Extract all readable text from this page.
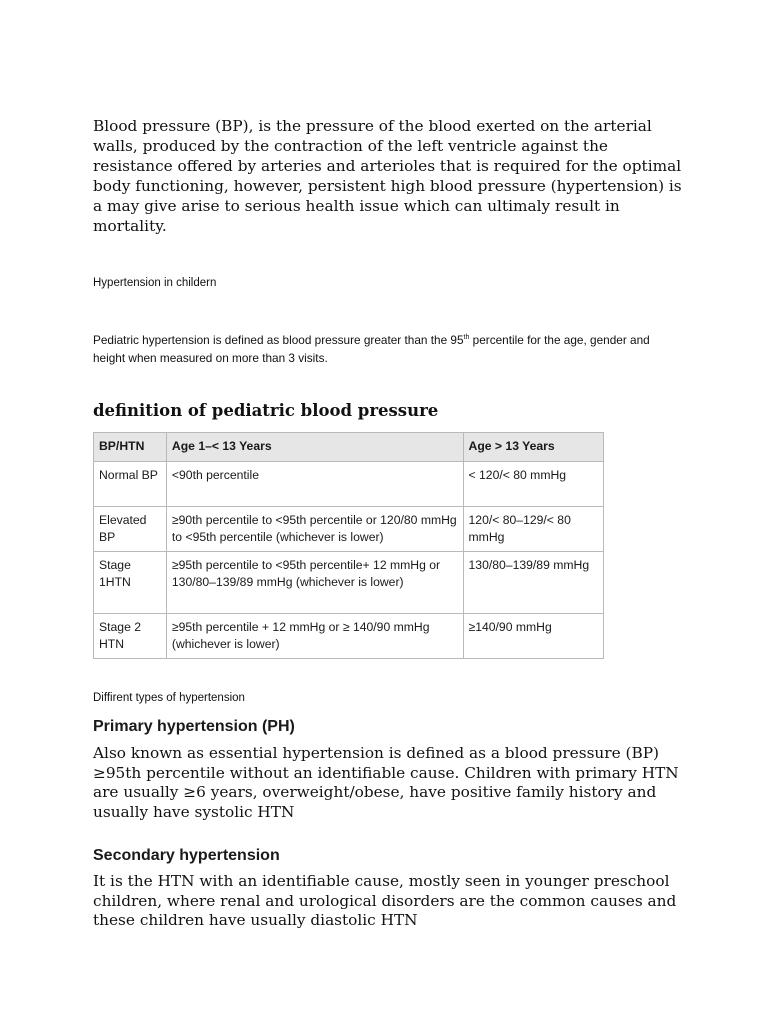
Blood pressure (BP), is the pressure of the blood exerted on the arterial walls, produced by the contraction of the left ventricle against the resistance offered by arteries and arterioles that is required for the optimal body functioning, however, persistent high blood pressure (hypertension) is a may give arise to serious health issue which can ultimaly result in mortality.

Hypertension in childern

Pediatric hypertension is defined as blood pressure greater than the 95th percentile for the age, gender and height when measured on more than 3 visits.

definition of pediatric blood pressure
BP/HTN	Age 1–< 13 Years	Age > 13 Years
Normal BP	<90th percentile	< 120/< 80 mmHg
Elevated BP	≥90th percentile to <95th percentile or 120/80 mmHg to <95th percentile (whichever is lower)	120/< 80–129/< 80 mmHg
Stage 1HTN	≥95th percentile to <95th percentile+ 12 mmHg or 130/80–139/89 mmHg (whichever is lower)	130/80–139/89 mmHg
Stage 2 HTN	≥95th percentile + 12 mmHg or ≥ 140/90 mmHg (whichever is lower)	≥140/90 mmHg

Diffirent types of hypertension

Primary hypertension (PH)

Also known as essential hypertension is defined as a blood pressure (BP) ≥95th percentile without an identifiable cause. Children with primary HTN are usually ≥6 years, overweight/obese, have positive family history and usually have systolic HTN

Secondary hypertension

It is the HTN with an identifiable cause, mostly seen in younger preschool children, where renal and urological disorders are the common causes and these children have usually diastolic HTN
